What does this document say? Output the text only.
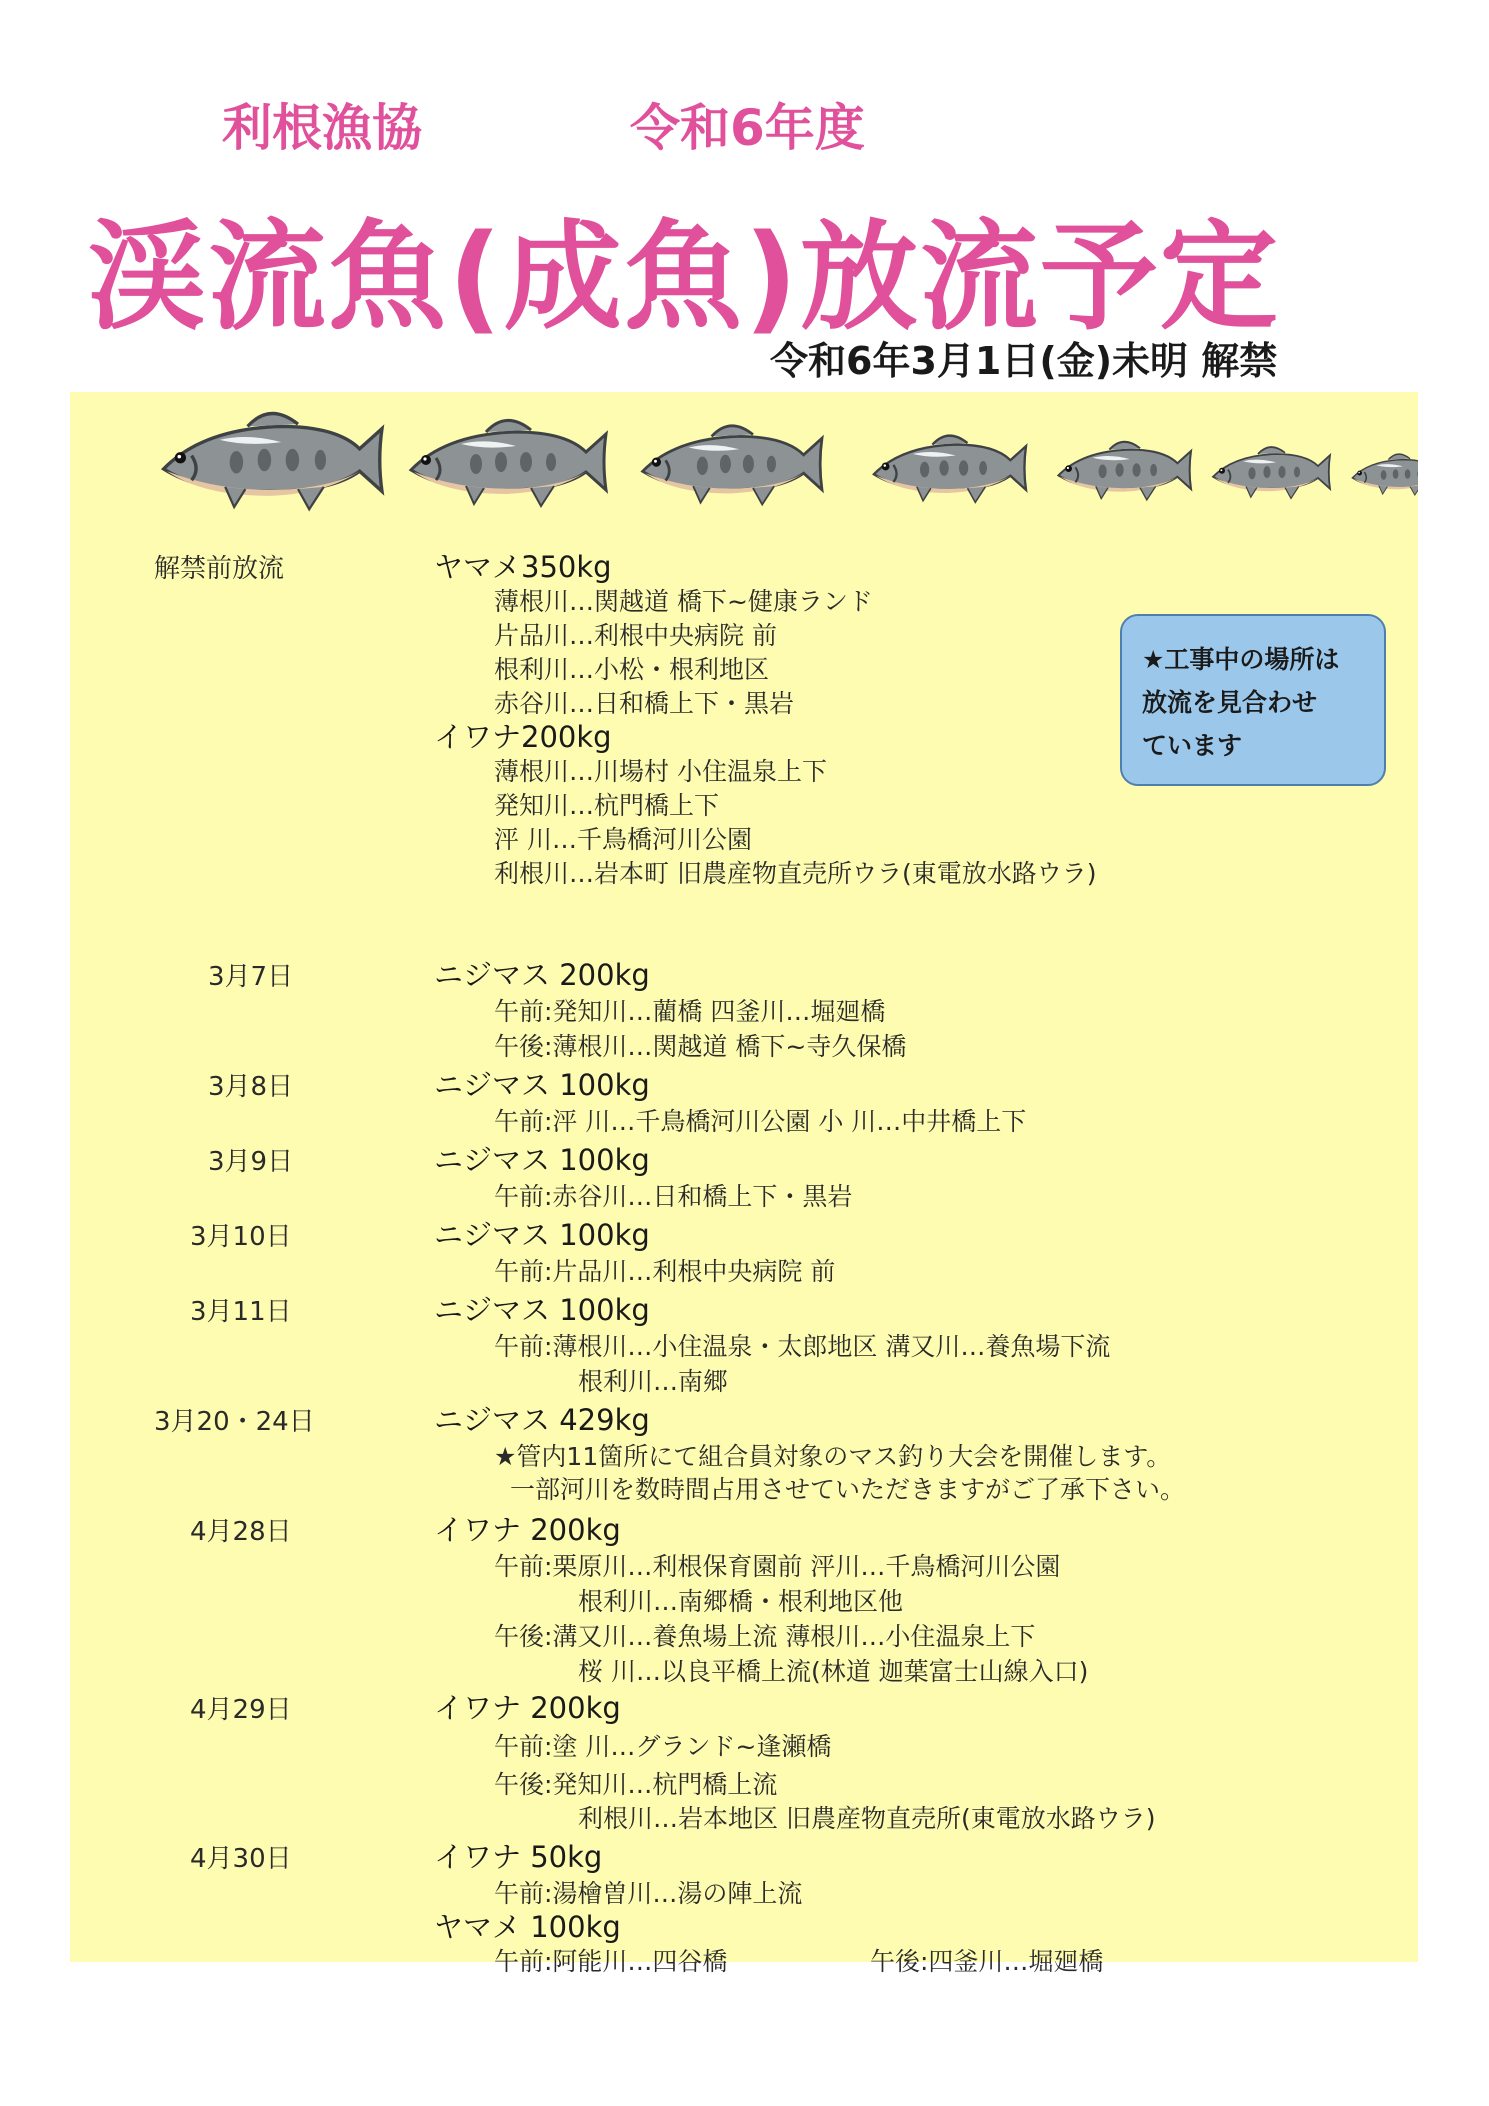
利根漁協	令和6年度
渓流魚(成魚)放流予定
令和6年3月1日(金)未明 解禁
★工事中の場所は
放流を見合わせ
ています
解禁前放流	ヤマメ350kg
薄根川…関越道 橋下~健康ランド
片品川…利根中央病院 前
根利川…小松・根利地区
赤谷川…日和橋上下・黒岩
イワナ200kg
薄根川…川場村 小住温泉上下
発知川…杭門橋上下
泙 川…千鳥橋河川公園
利根川…岩本町 旧農産物直売所ウラ(東電放水路ウラ)
3月7日	ニジマス 200kg
午前:発知川…藺橋 四釜川…堀廻橋
午後:薄根川…関越道 橋下~寺久保橋
3月8日	ニジマス 100kg
午前:泙 川…千鳥橋河川公園 小 川…中井橋上下
3月9日	ニジマス 100kg
午前:赤谷川…日和橋上下・黒岩
3月10日	ニジマス 100kg
午前:片品川…利根中央病院 前
3月11日	ニジマス 100kg
午前:薄根川…小住温泉・太郎地区 溝又川…養魚場下流
根利川…南郷
3月20・24日	ニジマス 429kg
★管内11箇所にて組合員対象のマス釣り大会を開催します。
一部河川を数時間占用させていただきますがご了承下さい。
4月28日	イワナ 200kg
午前:栗原川…利根保育園前 泙川…千鳥橋河川公園
根利川…南郷橋・根利地区他
午後:溝又川…養魚場上流 薄根川…小住温泉上下
桜 川…以良平橋上流(林道 迦葉富士山線入口)
4月29日	イワナ 200kg
午前:塗 川…グランド~逢瀬橋
午後:発知川…杭門橋上流
利根川…岩本地区 旧農産物直売所(東電放水路ウラ)
4月30日	イワナ 50kg
午前:湯檜曽川…湯の陣上流
ヤマメ 100kg
午前:阿能川…四谷橋	午後:四釜川…堀廻橋
